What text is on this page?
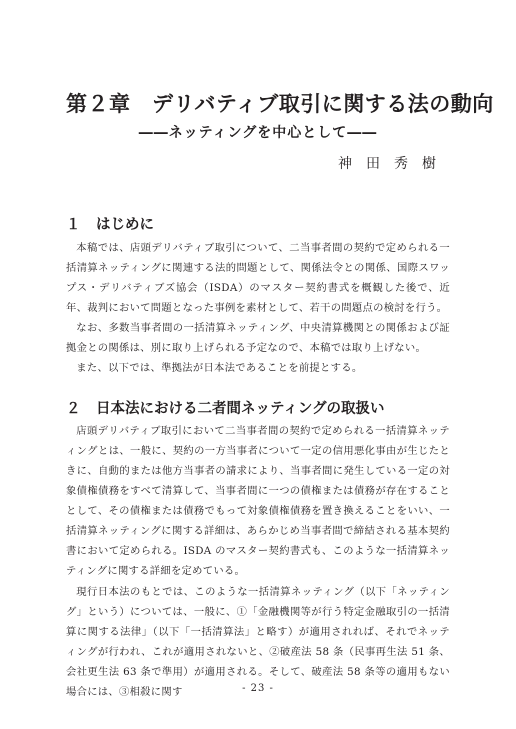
第２章　デリバティブ取引に関する法の動向
――ネッティングを中心として――
神田秀樹
１ はじめに

本稿では、店頭デリバティブ取引について、二当事者間の契約で定められる一括清算ネッティングに関連する法的問題として、関係法令との関係、国際スワップス・デリバティブズ協会（ISDA）のマスター契約書式を概観した後で、近年、裁判において問題となった事例を素材として、若干の問題点の検討を行う。

なお、多数当事者間の一括清算ネッティング、中央清算機関との関係および証拠金との関係は、別に取り上げられる予定なので、本稿では取り上げない。

また、以下では、準拠法が日本法であることを前提とする。

２ 日本法における二者間ネッティングの取扱い

店頭デリバティブ取引において二当事者間の契約で定められる一括清算ネッティングとは、一般に、契約の一方当事者について一定の信用悪化事由が生じたときに、自動的または他方当事者の請求により、当事者間に発生している一定の対象債権債務をすべて清算して、当事者間に一つの債権または債務が存在することとして、その債権または債務でもって対象債権債務を置き換えることをいい、一括清算ネッティングに関する詳細は、あらかじめ当事者間で締結される基本契約書において定められる。ISDA のマスター契約書式も、このような一括清算ネッティングに関する詳細を定めている。

現行日本法のもとでは、このような一括清算ネッティング（以下「ネッティング」という）については、一般に、①「金融機関等が行う特定金融取引の一括清算に関する法律」（以下「一括清算法」と略す）が適用されれば、それでネッティングが行われ、これが適用されないと、②破産法 58 条（民事再生法 51 条、会社更生法 63 条で準用）が適用される。そして、破産法 58 条等の適用もない場合には、③相殺に関す	- 23 -
